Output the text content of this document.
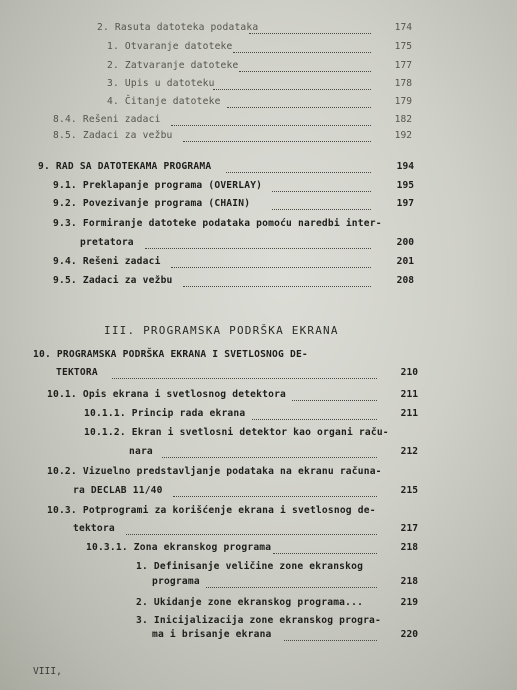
2. Rasuta datoteka podataka	174
1. Otvaranje datoteke	175
2. Zatvaranje datoteke	177
3. Upis u datoteku	178
4. Čitanje datoteke	179
8.4. Rešeni zadaci	182
8.5. Zadaci za vežbu	192
9. RAD SA DATOTEKAMA PROGRAMA	194
9.1. Preklapanje programa (OVERLAY)	195
9.2. Povezivanje programa (CHAIN)	197
9.3. Formiranje datoteke podataka pomoću naredbi inter-
pretatora	200
9.4. Rešeni zadaci	201
9.5. Zadaci za vežbu	208
III. PROGRAMSKA PODRŠKA EKRANA
10. PROGRAMSKA PODRŠKA EKRANA I SVETLOSNOG DE-
TEKTORA	210
10.1. Opis ekrana i svetlosnog detektora	211
10.1.1. Princip rada ekrana	211
10.1.2. Ekran i svetlosni detektor kao organi raču-
nara	212
10.2. Vizuelno predstavljanje podataka na ekranu računa-
ra DECLAB 11/40	215
10.3. Potprogrami za korišćenje ekrana i svetlosnog de-
tektora	217
10.3.1. Zona ekranskog programa	218
1. Definisanje veličine zone ekranskog
programa	218
2. Ukidanje zone ekranskog programa...	219
3. Inicijalizacija zone ekranskog progra-
ma i brisanje ekrana	220
VIII,
